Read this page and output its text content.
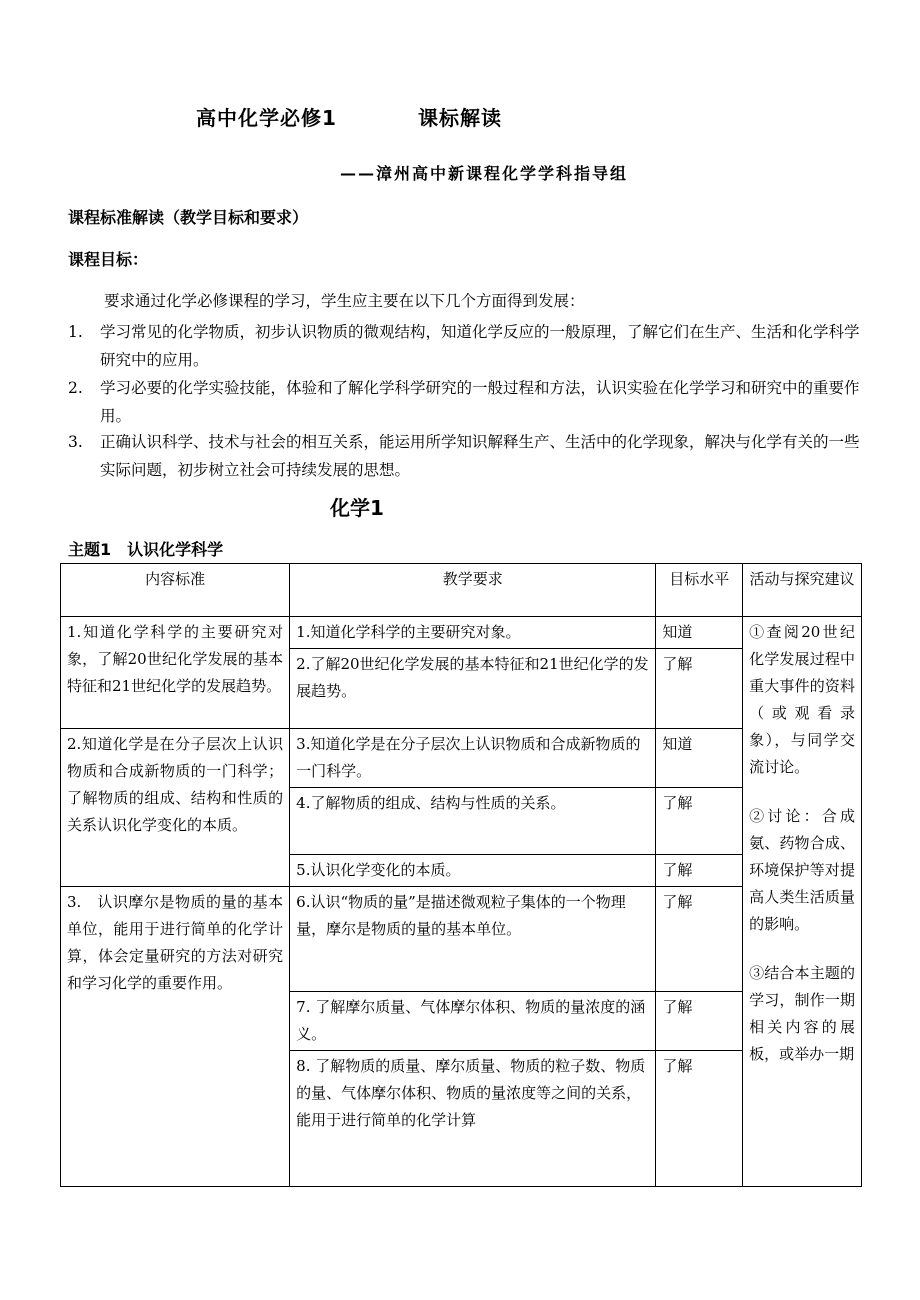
高中化学必修1	课标解读
——漳州高中新课程化学学科指导组
课程标准解读（教学目标和要求）
课程目标：
要求通过化学必修课程的学习，学生应主要在以下几个方面得到发展：
1. 学习常见的化学物质，初步认识物质的微观结构，知道化学反应的一般原理，了解它们在生产、生活和化学科学研究中的应用。
2. 学习必要的化学实验技能，体验和了解化学科学研究的一般过程和方法，认识实验在化学学习和研究中的重要作用。
3. 正确认识科学、技术与社会的相互关系，能运用所学知识解释生产、生活中的化学现象，解决与化学有关的一些实际问题，初步树立社会可持续发展的思想。
化学1
主题1　认识化学科学
内容标准	教学要求	目标水平	活动与探究建议
1.知道化学科学的主要研究对象，了解20世纪化学发展的基本特征和21世纪化学的发展趋势。	1.知道化学科学的主要研究对象。	知道	①查阅20世纪化学发展过程中重大事件的资料（或观看录象），与同学交流讨论。

②讨论：合成氨、药物合成、环境保护等对提高人类生活质量的影响。

③结合本主题的学习，制作一期相关内容的展板，或举办一期

	2.了解20世纪化学发展的基本特征和21世纪化学的发展趋势。	了解	
2.知道化学是在分子层次上认识物质和合成新物质的一门科学；了解物质的组成、结构和性质的关系认识化学变化的本质。	3.知道化学是在分子层次上认识物质和合成新物质的一门科学。	知道	
	4.了解物质的组成、结构与性质的关系。	了解	
	5.认识化学变化的本质。	了解	
3.　认识摩尔是物质的量的基本单位，能用于进行简单的化学计算，体会定量研究的方法对研究和学习化学的重要作用。	6.认识“物质的量”是描述微观粒子集体的一个物理量，摩尔是物质的量的基本单位。	了解	
	7. 了解摩尔质量、气体摩尔体积、物质的量浓度的涵义。	了解	
	8. 了解物质的质量、摩尔质量、物质的粒子数、物质的量、气体摩尔体积、物质的量浓度等之间的关系，能用于进行简单的化学计算	了解	
